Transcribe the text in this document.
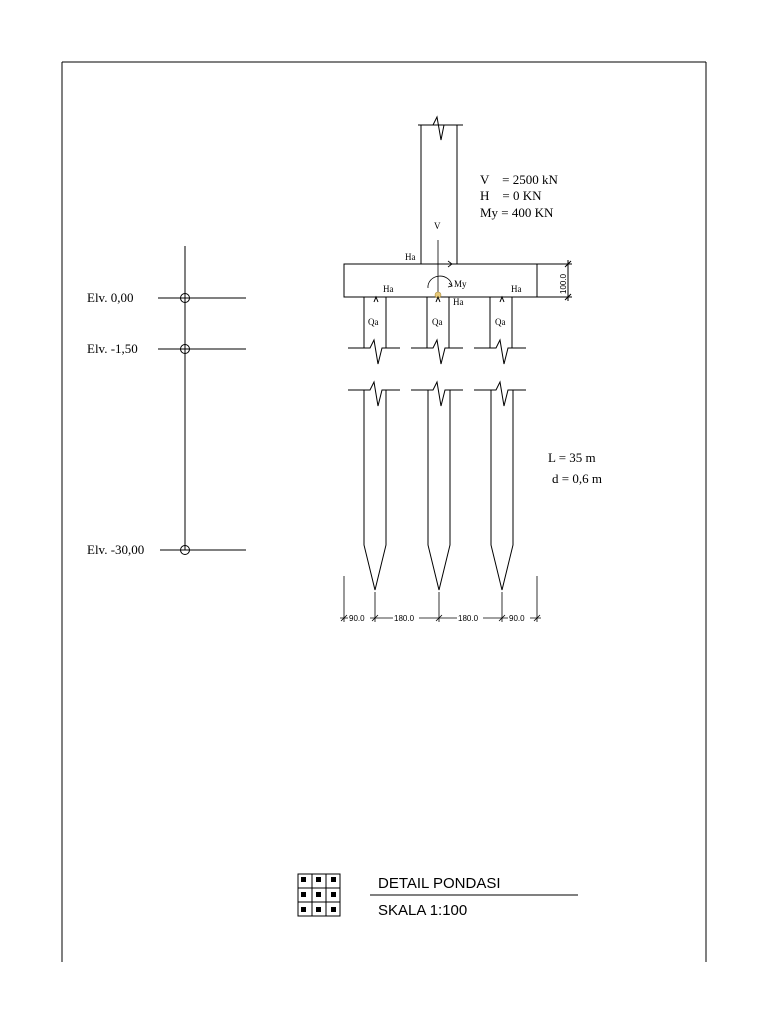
Elv. 0,00
Elv. -1,50
Elv. -30,00
100.0
V
Ha
My
Ha
Ha
Ha
Qa	Qa	Qa
90.0	180.0	180.0	90.0
V    = 2500 kN
H    = 0 KN
My = 400 KN
L = 35 m
d = 0,6 m
DETAIL PONDASI
SKALA 1:100
